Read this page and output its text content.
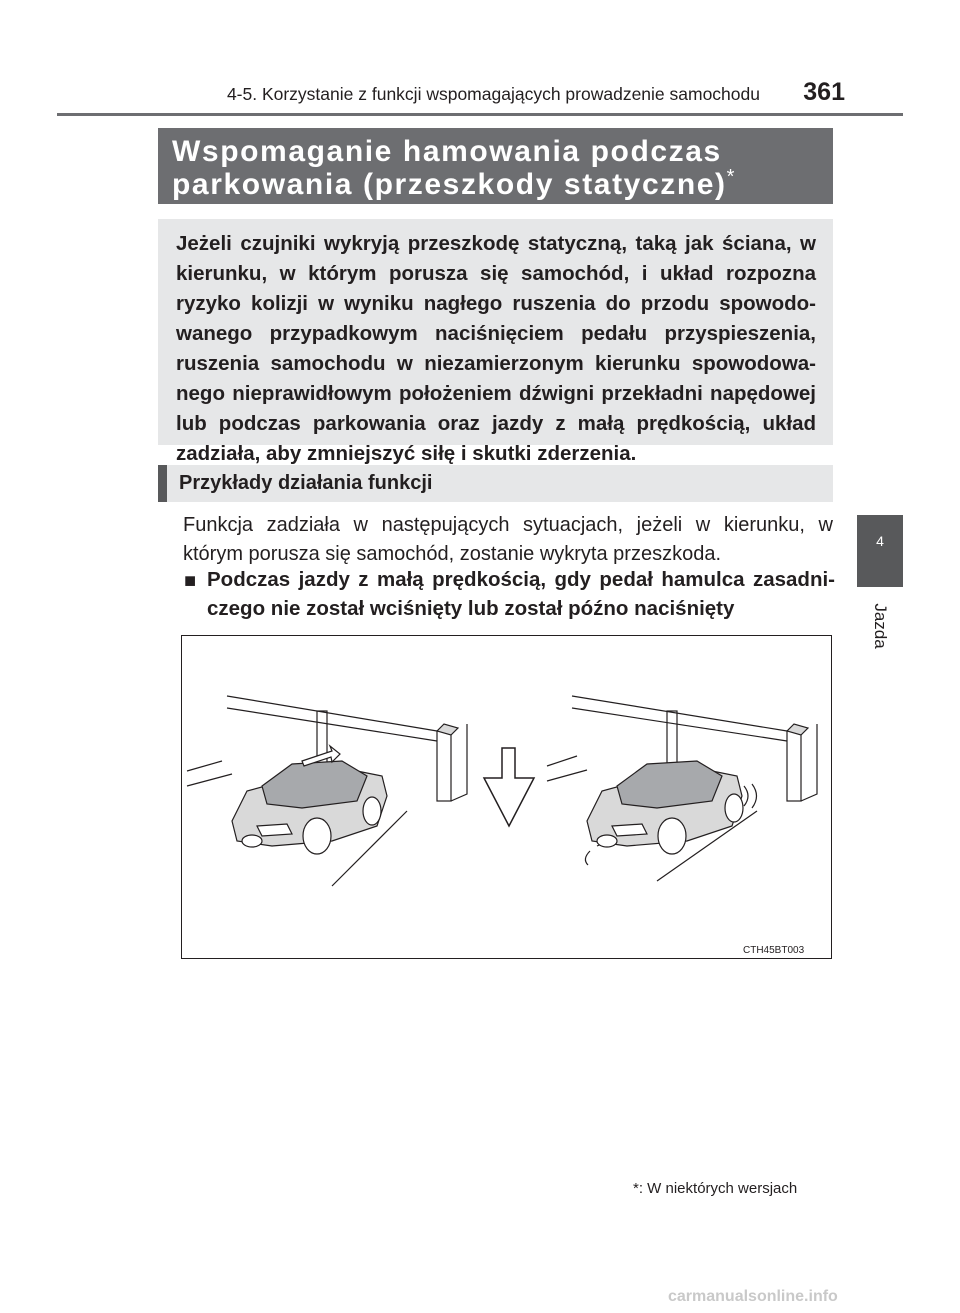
4-5. Korzystanie z funkcji wspomagających prowadzenie samochodu	361
4
Jazda
Wspomaganie hamowania podczas
parkowania (przeszkody statyczne)*

Jeżeli czujniki wykryją przeszkodę statyczną, taką jak ściana, w kierunku, w którym porusza się samochód, i układ rozpozna ryzyko kolizji w wyniku nagłego ruszenia do przodu spowodowanego przypadkowym naciśnięciem pedału przyspieszenia, ruszenia samochodu w niezamierzonym kierunku spowodowanego nieprawidłowym położeniem dźwigni przekładni napędowej lub podczas parkowania oraz jazdy z małą prędkością, układ zadziała, aby zmniejszyć siłę i skutki zderzenia.

Przykłady działania funkcji

Funkcja zadziała w następujących sytuacjach, jeżeli w kierunku, w którym porusza się samochód, zostanie wykryta przeszkoda.

■ Podczas jazdy z małą prędkością, gdy pedał hamulca zasadniczego nie został wciśnięty lub został późno naciśnięty

CTH45BT003
*: W niektórych wersjach
carmanualsonline.info
